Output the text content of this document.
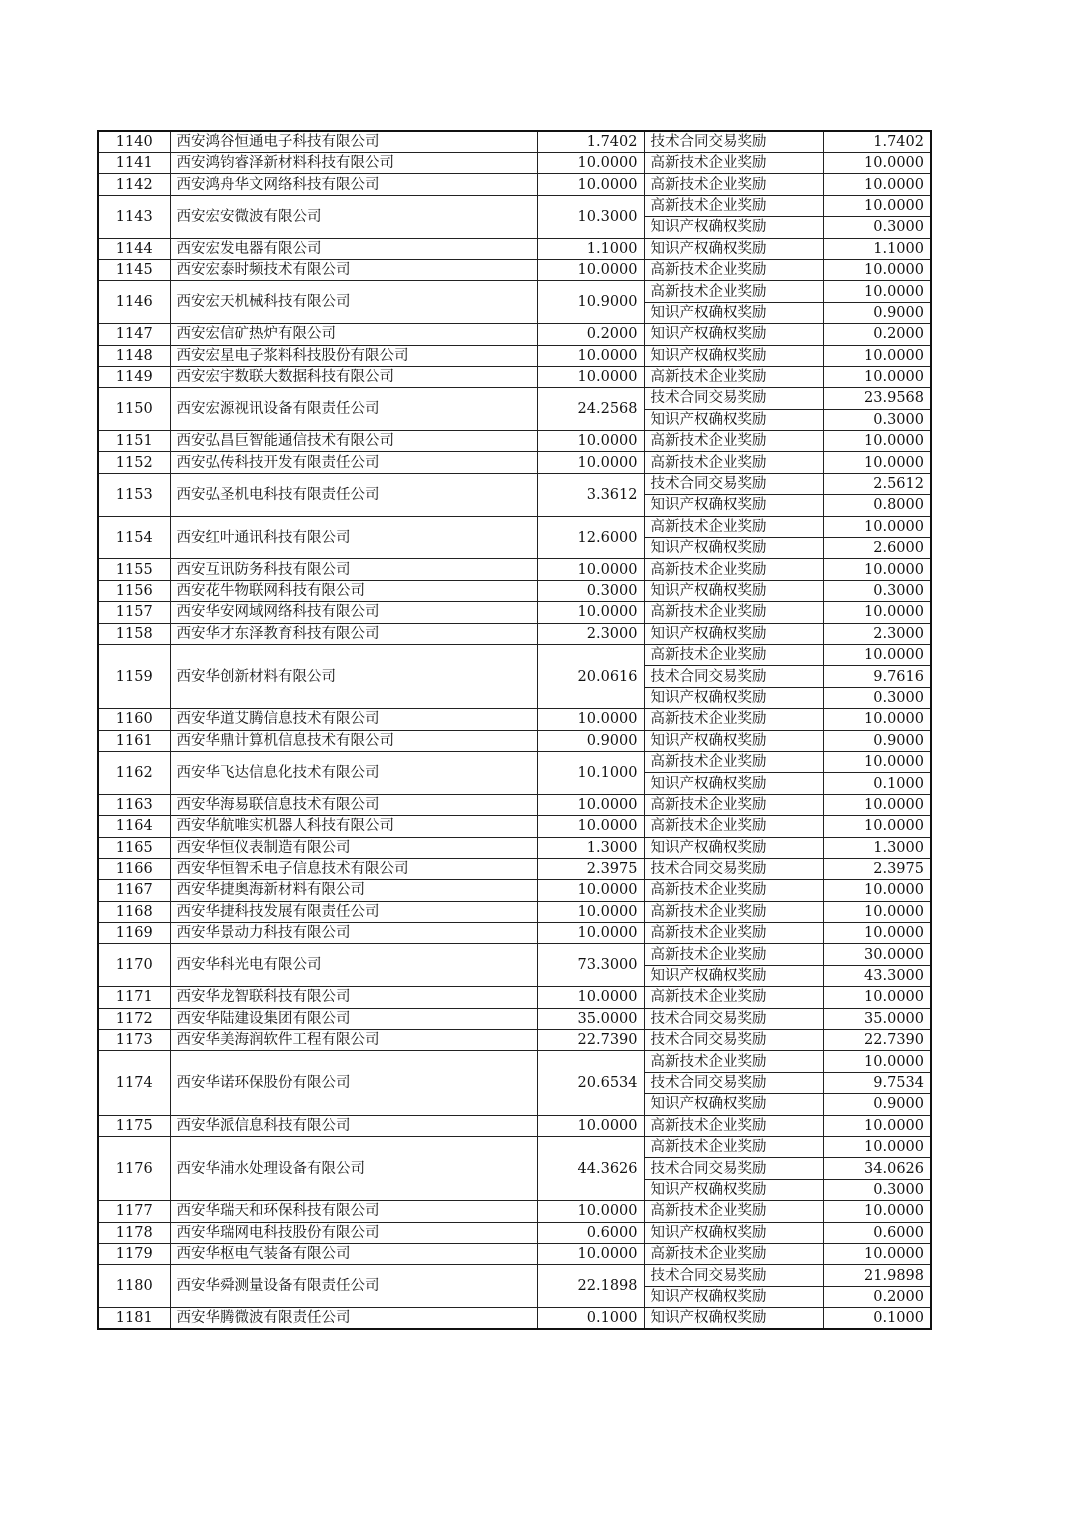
1140	西安鸿谷恒通电子科技有限公司	1.7402	技术合同交易奖励	1.7402
1141	西安鸿钧睿泽新材料科技有限公司	10.0000	高新技术企业奖励	10.0000
1142	西安鸿舟华文网络科技有限公司	10.0000	高新技术企业奖励	10.0000
1143	西安宏安微波有限公司	10.3000	高新技术企业奖励	10.0000
			知识产权确权奖励	0.3000
1144	西安宏发电器有限公司	1.1000	知识产权确权奖励	1.1000
1145	西安宏泰时频技术有限公司	10.0000	高新技术企业奖励	10.0000
1146	西安宏天机械科技有限公司	10.9000	高新技术企业奖励	10.0000
			知识产权确权奖励	0.9000
1147	西安宏信矿热炉有限公司	0.2000	知识产权确权奖励	0.2000
1148	西安宏星电子浆料科技股份有限公司	10.0000	知识产权确权奖励	10.0000
1149	西安宏宇数联大数据科技有限公司	10.0000	高新技术企业奖励	10.0000
1150	西安宏源视讯设备有限责任公司	24.2568	技术合同交易奖励	23.9568
			知识产权确权奖励	0.3000
1151	西安弘昌巨智能通信技术有限公司	10.0000	高新技术企业奖励	10.0000
1152	西安弘传科技开发有限责任公司	10.0000	高新技术企业奖励	10.0000
1153	西安弘圣机电科技有限责任公司	3.3612	技术合同交易奖励	2.5612
			知识产权确权奖励	0.8000
1154	西安红叶通讯科技有限公司	12.6000	高新技术企业奖励	10.0000
			知识产权确权奖励	2.6000
1155	西安互讯防务科技有限公司	10.0000	高新技术企业奖励	10.0000
1156	西安花牛物联网科技有限公司	0.3000	知识产权确权奖励	0.3000
1157	西安华安网域网络科技有限公司	10.0000	高新技术企业奖励	10.0000
1158	西安华才东泽教育科技有限公司	2.3000	知识产权确权奖励	2.3000
1159	西安华创新材料有限公司	20.0616	高新技术企业奖励	10.0000
			技术合同交易奖励	9.7616
			知识产权确权奖励	0.3000
1160	西安华道艾腾信息技术有限公司	10.0000	高新技术企业奖励	10.0000
1161	西安华鼎计算机信息技术有限公司	0.9000	知识产权确权奖励	0.9000
1162	西安华飞达信息化技术有限公司	10.1000	高新技术企业奖励	10.0000
			知识产权确权奖励	0.1000
1163	西安华海易联信息技术有限公司	10.0000	高新技术企业奖励	10.0000
1164	西安华航唯实机器人科技有限公司	10.0000	高新技术企业奖励	10.0000
1165	西安华恒仪表制造有限公司	1.3000	知识产权确权奖励	1.3000
1166	西安华恒智禾电子信息技术有限公司	2.3975	技术合同交易奖励	2.3975
1167	西安华捷奥海新材料有限公司	10.0000	高新技术企业奖励	10.0000
1168	西安华捷科技发展有限责任公司	10.0000	高新技术企业奖励	10.0000
1169	西安华景动力科技有限公司	10.0000	高新技术企业奖励	10.0000
1170	西安华科光电有限公司	73.3000	高新技术企业奖励	30.0000
			知识产权确权奖励	43.3000
1171	西安华龙智联科技有限公司	10.0000	高新技术企业奖励	10.0000
1172	西安华陆建设集团有限公司	35.0000	技术合同交易奖励	35.0000
1173	西安华美海润软件工程有限公司	22.7390	技术合同交易奖励	22.7390
1174	西安华诺环保股份有限公司	20.6534	高新技术企业奖励	10.0000
			技术合同交易奖励	9.7534
			知识产权确权奖励	0.9000
1175	西安华派信息科技有限公司	10.0000	高新技术企业奖励	10.0000
1176	西安华浦水处理设备有限公司	44.3626	高新技术企业奖励	10.0000
			技术合同交易奖励	34.0626
			知识产权确权奖励	0.3000
1177	西安华瑞天和环保科技有限公司	10.0000	高新技术企业奖励	10.0000
1178	西安华瑞网电科技股份有限公司	0.6000	知识产权确权奖励	0.6000
1179	西安华枢电气装备有限公司	10.0000	高新技术企业奖励	10.0000
1180	西安华舜测量设备有限责任公司	22.1898	技术合同交易奖励	21.9898
			知识产权确权奖励	0.2000
1181	西安华腾微波有限责任公司	0.1000	知识产权确权奖励	0.1000
